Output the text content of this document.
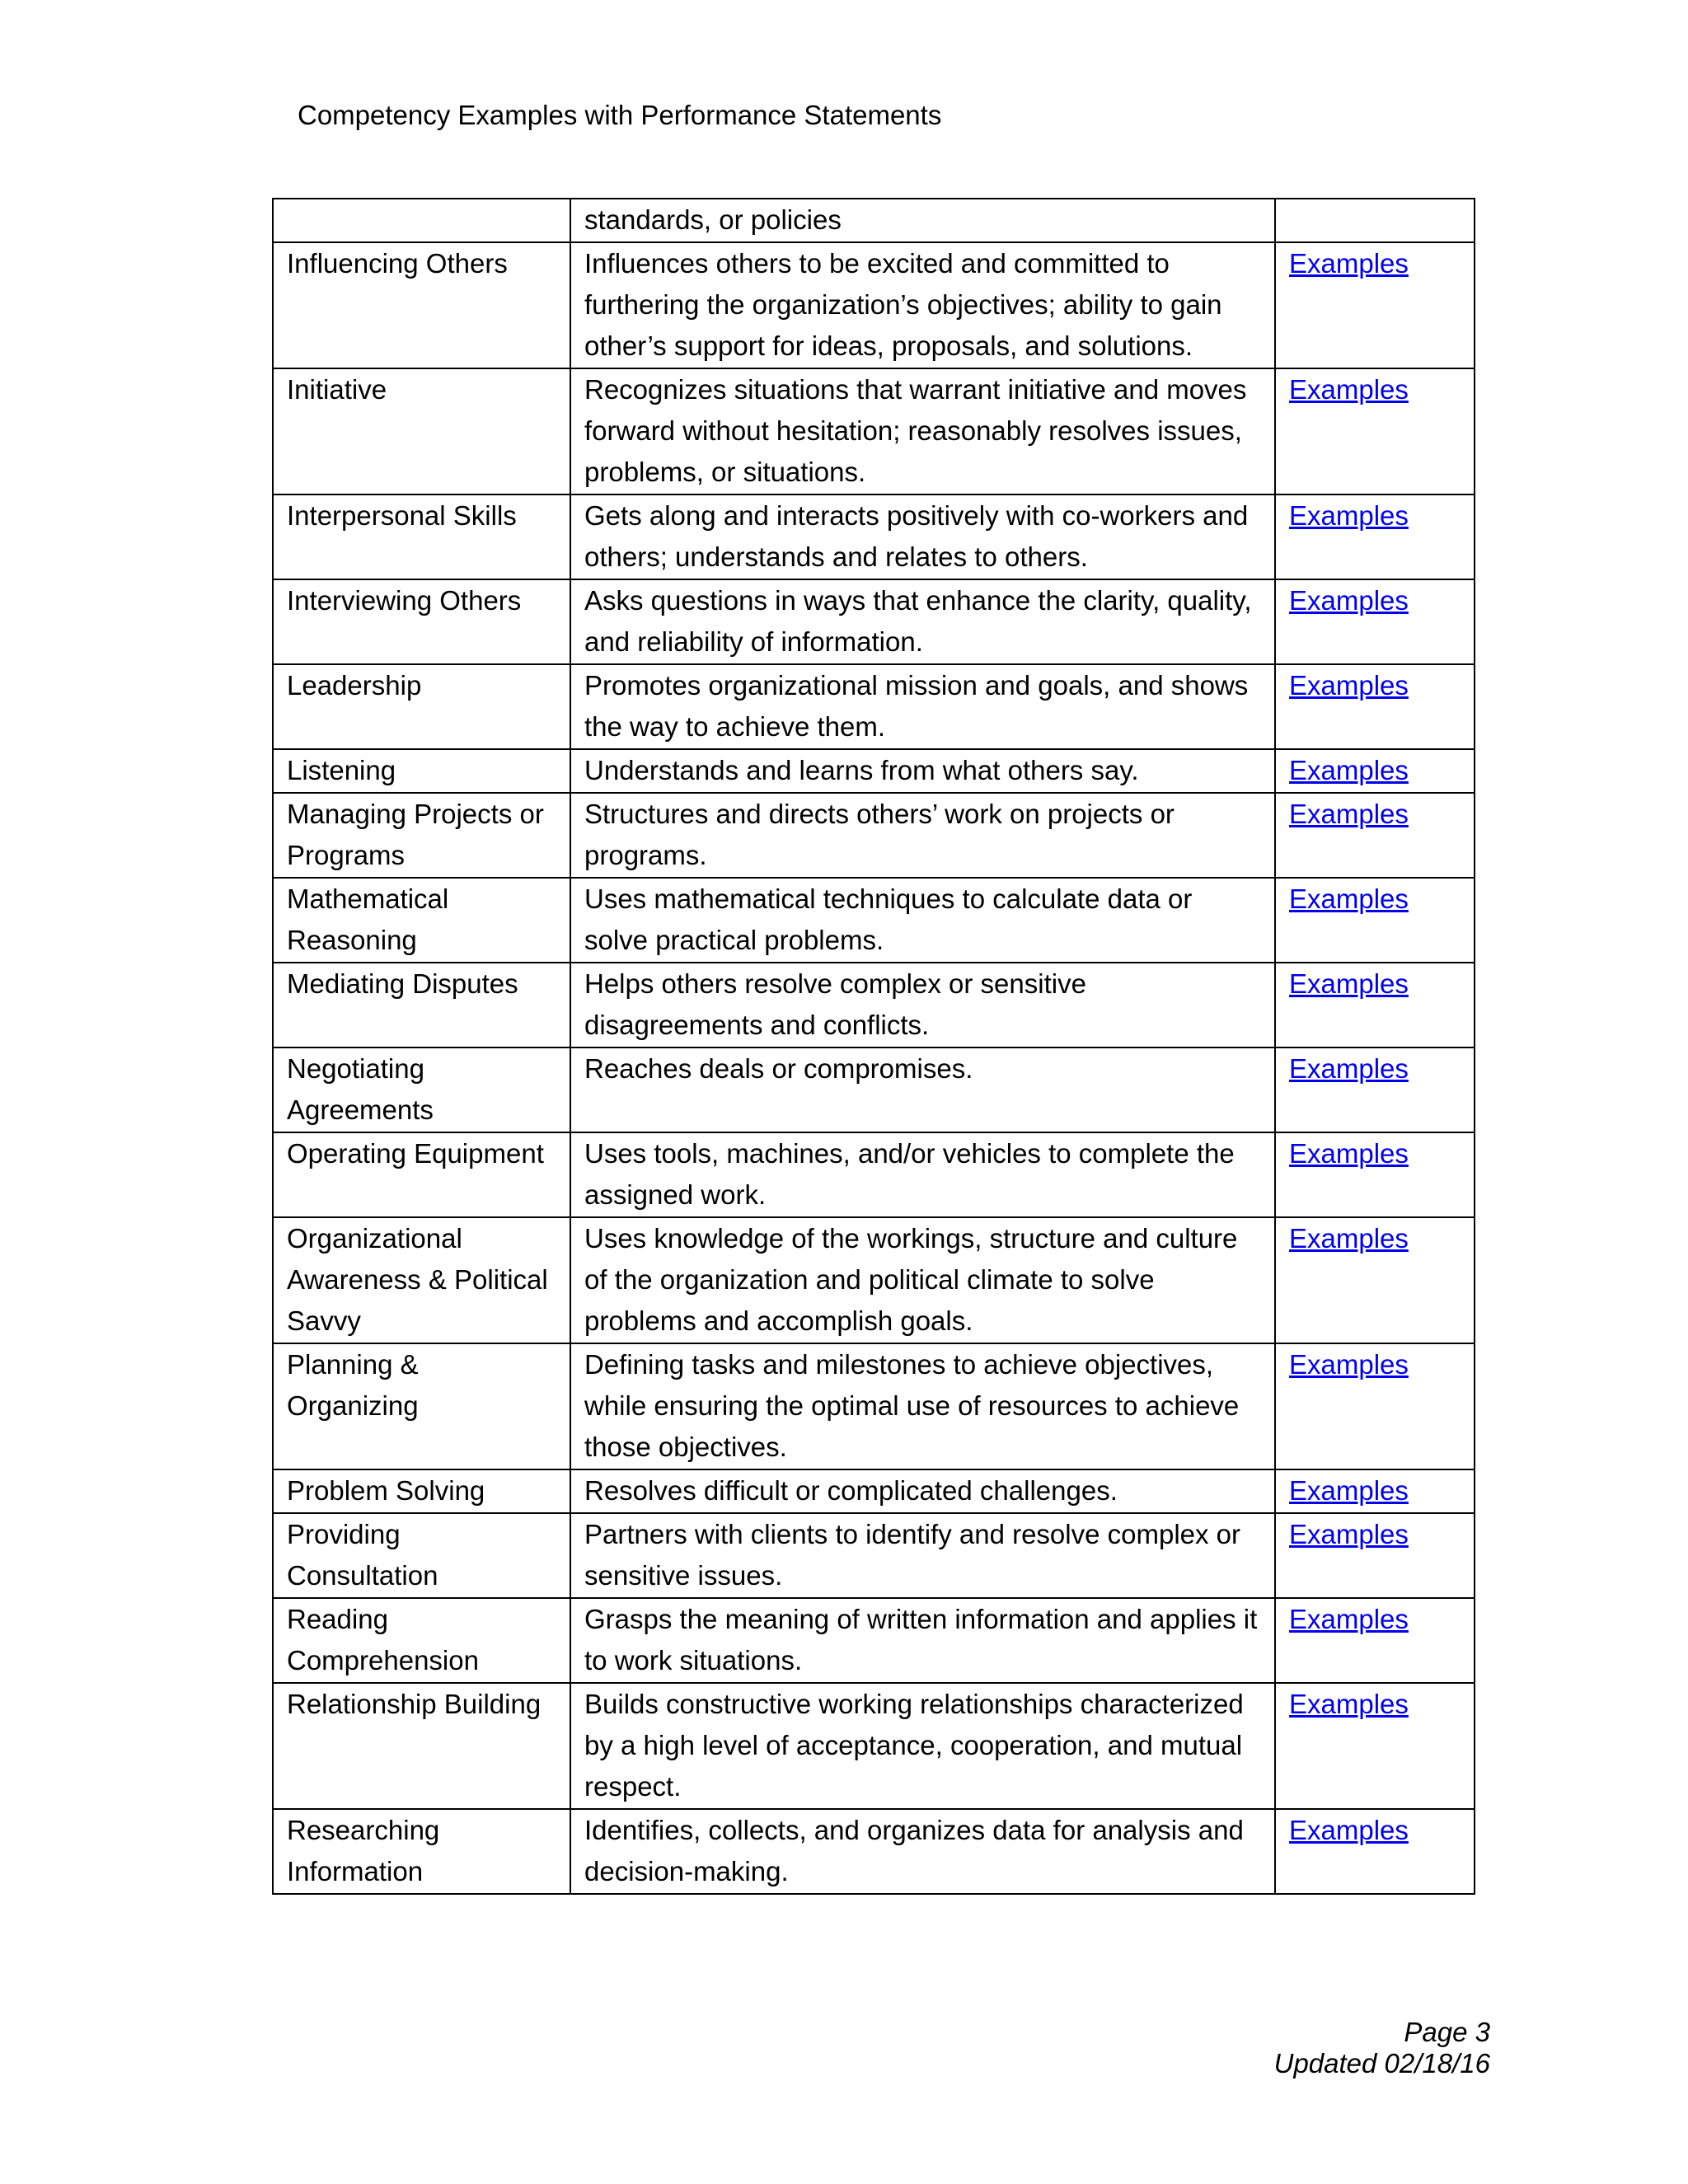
Competency Examples with Performance Statements
	standards, or policies	
Influencing Others	Influences others to be excited and committed to furthering the organization’s objectives; ability to gain other’s support for ideas, proposals, and solutions.	Examples
Initiative	Recognizes situations that warrant initiative and moves forward without hesitation; reasonably resolves issues, problems, or situations.	Examples
Interpersonal Skills	Gets along and interacts positively with co-workers and others; understands and relates to others.	Examples
Interviewing Others	Asks questions in ways that enhance the clarity, quality, and reliability of information.	Examples
Leadership	Promotes organizational mission and goals, and shows the way to achieve them.	Examples
Listening	Understands and learns from what others say.	Examples
Managing Projects or Programs	Structures and directs others’ work on projects or programs.	Examples
Mathematical Reasoning	Uses mathematical techniques to calculate data or solve practical problems.	Examples
Mediating Disputes	Helps others resolve complex or sensitive disagreements and conflicts.	Examples
Negotiating Agreements	Reaches deals or compromises.	Examples
Operating Equipment	Uses tools, machines, and/or vehicles to complete the assigned work.	Examples
Organizational Awareness & Political Savvy	Uses knowledge of the workings, structure and culture of the organization and political climate to solve problems and accomplish goals.	Examples
Planning & Organizing	Defining tasks and milestones to achieve objectives, while ensuring the optimal use of resources to achieve those objectives.	Examples
Problem Solving	Resolves difficult or complicated challenges.	Examples
Providing Consultation	Partners with clients to identify and resolve complex or sensitive issues.	Examples
Reading Comprehension	Grasps the meaning of written information and applies it to work situations.	Examples
Relationship Building	Builds constructive working relationships characterized by a high level of acceptance, cooperation, and mutual respect.	Examples
Researching Information	Identifies, collects, and organizes data for analysis and decision-making.	Examples
Page 3
Updated 02/18/16
